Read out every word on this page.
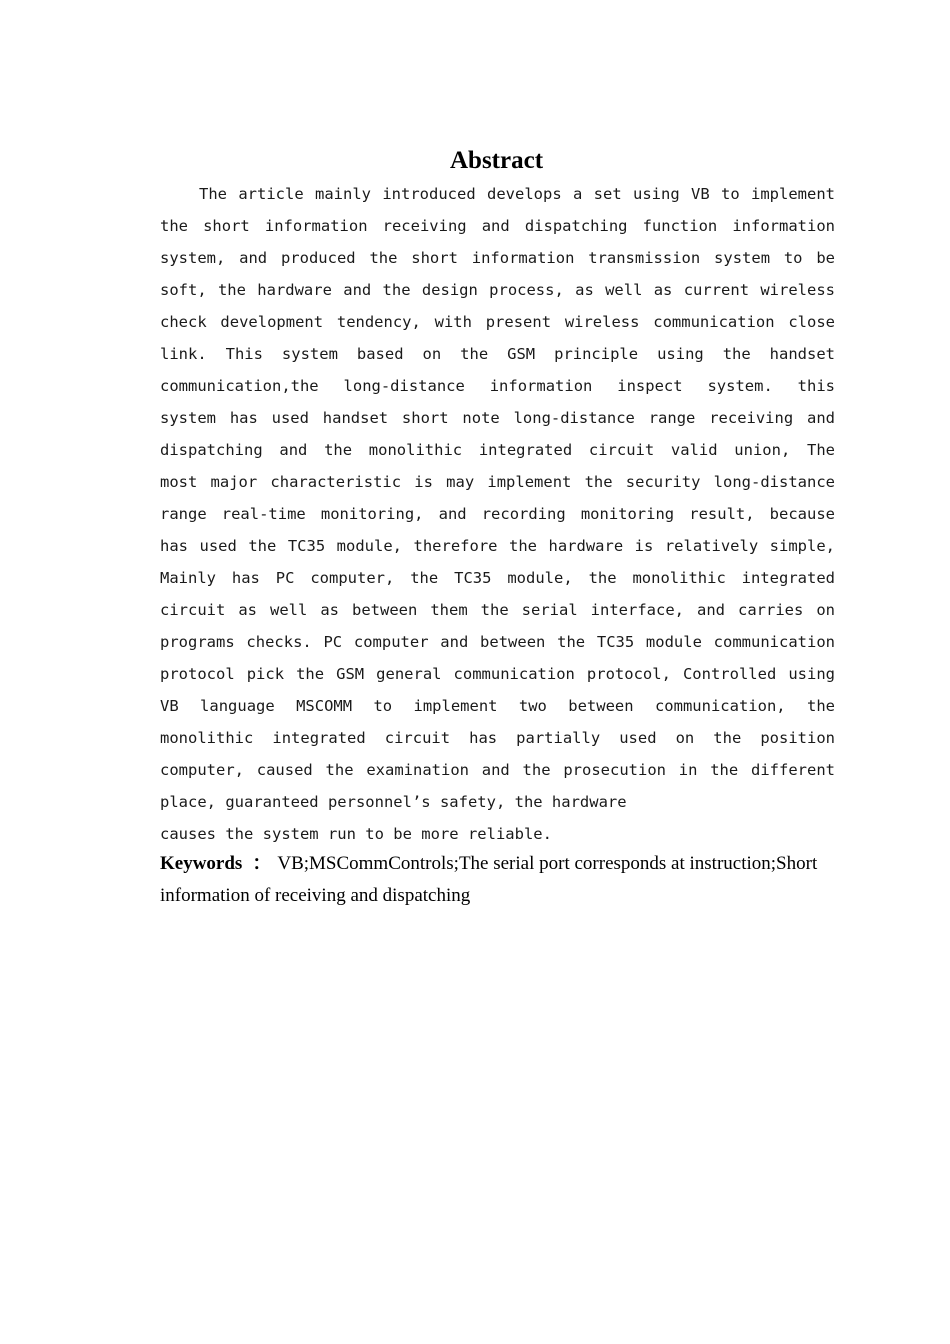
Abstract
The article mainly introduced develops a set using VB to implement
the short information receiving and dispatching function information
system, and produced the short information transmission system to be
soft, the hardware and the design process, as well as current wireless
check development tendency, with present wireless communication close
link. This system based on the GSM principle using the handset
communication,the long-distance information inspect system. this
system has used handset short note long-distance range receiving and
dispatching and the monolithic integrated circuit valid union, The
most major characteristic is may implement the security long-distance
range real-time monitoring, and recording monitoring result, because
has used the TC35 module, therefore the hardware is relatively simple,
Mainly has PC computer, the TC35 module, the monolithic integrated
circuit as well as between them the serial interface, and carries on
programs checks. PC computer and between the TC35 module communication
protocol pick the GSM general communication protocol, Controlled using
VB language MSCOMM to implement two between communication, the
monolithic integrated circuit has partially used on the position
computer, caused the examination and the prosecution in the different
place, guaranteed personnel’s safety, the hardware
causes the system run to be more reliable.
Keywords ： VB;MSCommControls;The serial port corresponds at instruction;Short information of receiving and dispatching
